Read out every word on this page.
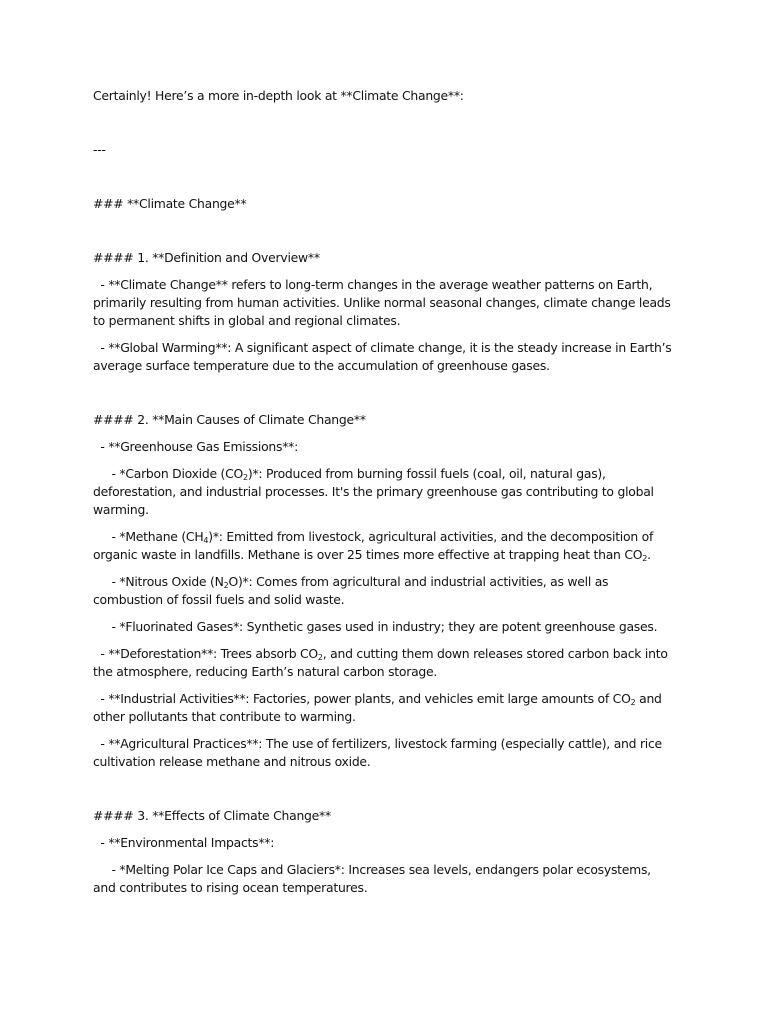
Certainly! Here’s a more in-depth look at **Climate Change**:

---

### **Climate Change**

#### 1. **Definition and Overview**

- **Climate Change** refers to long-term changes in the average weather patterns on Earth, primarily resulting from human activities. Unlike normal seasonal changes, climate change leads to permanent shifts in global and regional climates.

- **Global Warming**: A significant aspect of climate change, it is the steady increase in Earth’s average surface temperature due to the accumulation of greenhouse gases.

#### 2. **Main Causes of Climate Change**

- **Greenhouse Gas Emissions**:

- *Carbon Dioxide $(CO_2)*$: Produced from burning fossil fuels (coal, oil, natural gas), deforestation, and industrial processes. It's the primary greenhouse gas contributing to global warming.

- *Methane $(CH_4)*$: Emitted from livestock, agricultural activities, and the decomposition of organic waste in landfills. Methane is over 25 times more effective at trapping heat than $CO_2$.

- *Nitrous Oxide $(N_2O)*$: Comes from agricultural and industrial activities, as well as combustion of fossil fuels and solid waste.

- *Fluorinated Gases*: Synthetic gases used in industry; they are potent greenhouse gases.

- **Deforestation**: Trees absorb $CO_2$, and cutting them down releases stored carbon back into the atmosphere, reducing Earth’s natural carbon storage.

- **Industrial Activities**: Factories, power plants, and vehicles emit large amounts of $CO_2$ and other pollutants that contribute to warming.

- **Agricultural Practices**: The use of fertilizers, livestock farming (especially cattle), and rice cultivation release methane and nitrous oxide.

#### 3. **Effects of Climate Change**

- **Environmental Impacts**:

- *Melting Polar Ice Caps and Glaciers*: Increases sea levels, endangers polar ecosystems, and contributes to rising ocean temperatures.
